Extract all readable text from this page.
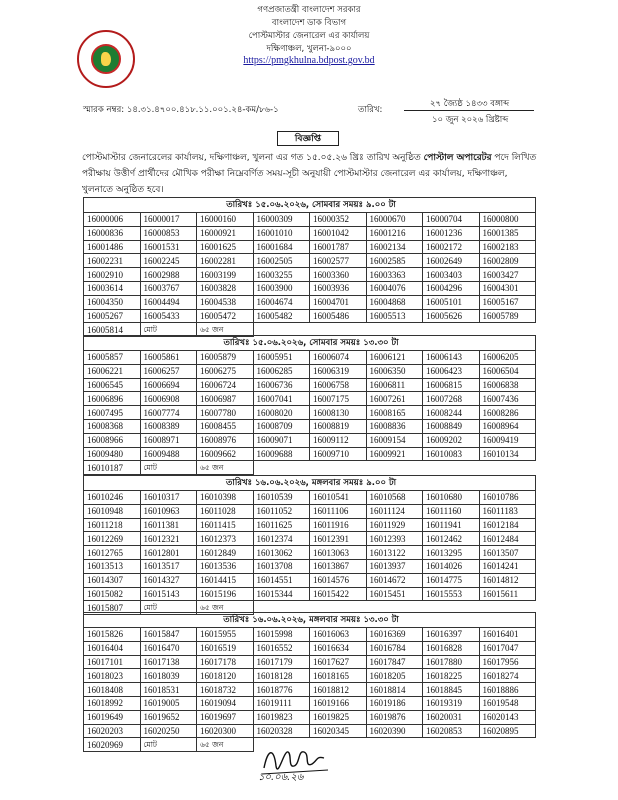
গণপ্রজাতন্ত্রী বাংলাদেশ সরকার
বাংলাদেশ ডাক বিভাগ
পোস্টমাস্টার জেনারেল এর কার্যালয়
দক্ষিণাঞ্চল, খুলনা-৯০০০
https://pmgkhulna.bdpost.gov.bd
স্মারক নম্বর: ১৪.৩১.৪৭০০.৪১৮.১১.০০১.২৪-কম/৮৬-১	তারিখ:
২৭ জ্যৈষ্ঠ ১৪৩৩ বঙ্গাব্দ
১০ জুন ২০২৬ খ্রিষ্টাব্দ
বিজ্ঞপ্তি
পোস্টমাস্টার জেনারেলের কার্যালয়, দক্ষিণাঞ্চল, খুলনা এর গত ১৫.০৫.২৬ খ্রিঃ তারিখ অনুষ্ঠিত পোস্টাল অপারেটর পদে লিখিত পরীক্ষায় উত্তীর্ণ প্রার্থীদের মৌখিক পরীক্ষা নিম্নেবর্ণিত সময়-সূচী অনুযায়ী পোস্টমাস্টার জেনারেল এর কার্যালয়, দক্ষিণাঞ্চল, খুলনাতে অনুষ্ঠিত হবে।
তারিখঃ ১৫.০৬.২০২৬, সোমবার সময়ঃ ৯.০০ টা							
16000006	16000017	16000160	16000309	16000352	16000670	16000704	16000800
16000836	16000853	16000921	16001010	16001042	16001216	16001236	16001385
16001486	16001531	16001625	16001684	16001787	16002134	16002172	16002183
16002231	16002245	16002281	16002505	16002577	16002585	16002649	16002809
16002910	16002988	16003199	16003255	16003360	16003363	16003403	16003427
16003614	16003767	16003828	16003900	16003936	16004076	16004296	16004301
16004350	16004494	16004538	16004674	16004701	16004868	16005101	16005167
16005267	16005433	16005472	16005482	16005486	16005513	16005626	16005789
16005814	মোট	৬৫ জন					
তারিখঃ ১৫.০৬.২০২৬, সোমবার সময়ঃ ১৩.৩০ টা							
16005857	16005861	16005879	16005951	16006074	16006121	16006143	16006205
16006221	16006257	16006275	16006285	16006319	16006350	16006423	16006504
16006545	16006694	16006724	16006736	16006758	16006811	16006815	16006838
16006896	16006908	16006987	16007041	16007175	16007261	16007268	16007436
16007495	16007774	16007780	16008020	16008130	16008165	16008244	16008286
16008368	16008389	16008455	16008709	16008819	16008836	16008849	16008964
16008966	16008971	16008976	16009071	16009112	16009154	16009202	16009419
16009480	16009488	16009662	16009688	16009710	16009921	16010083	16010134
16010187	মোট	৬৫ জন					
তারিখঃ ১৬.০৬.২০২৬, মঙ্গলবার সময়ঃ ৯.০০ টা							
16010246	16010317	16010398	16010539	16010541	16010568	16010680	16010786
16010948	16010963	16011028	16011052	16011106	16011124	16011160	16011183
16011218	16011381	16011415	16011625	16011916	16011929	16011941	16012184
16012269	16012321	16012373	16012374	16012391	16012393	16012462	16012484
16012765	16012801	16012849	16013062	16013063	16013122	16013295	16013507
16013513	16013517	16013536	16013708	16013867	16013937	16014026	16014241
16014307	16014327	16014415	16014551	16014576	16014672	16014775	16014812
16015082	16015143	16015196	16015344	16015422	16015451	16015553	16015611
16015807	মোট	৬৫ জন					
তারিখঃ ১৬.০৬.২০২৬, মঙ্গলবার সময়ঃ ১৩.৩০ টা							
16015826	16015847	16015955	16015998	16016063	16016369	16016397	16016401
16016404	16016470	16016519	16016552	16016634	16016784	16016828	16017047
16017101	16017138	16017178	16017179	16017627	16017847	16017880	16017956
16018023	16018039	16018120	16018128	16018165	16018205	16018225	16018274
16018408	16018531	16018732	16018776	16018812	16018814	16018845	16018886
16018992	16019005	16019094	16019111	16019166	16019186	16019319	16019548
16019649	16019652	16019697	16019823	16019825	16019876	16020031	16020143
16020203	16020250	16020300	16020328	16020345	16020390	16020853	16020895
16020969	মোট	৬৫ জন					
১০.০৬.২৬
